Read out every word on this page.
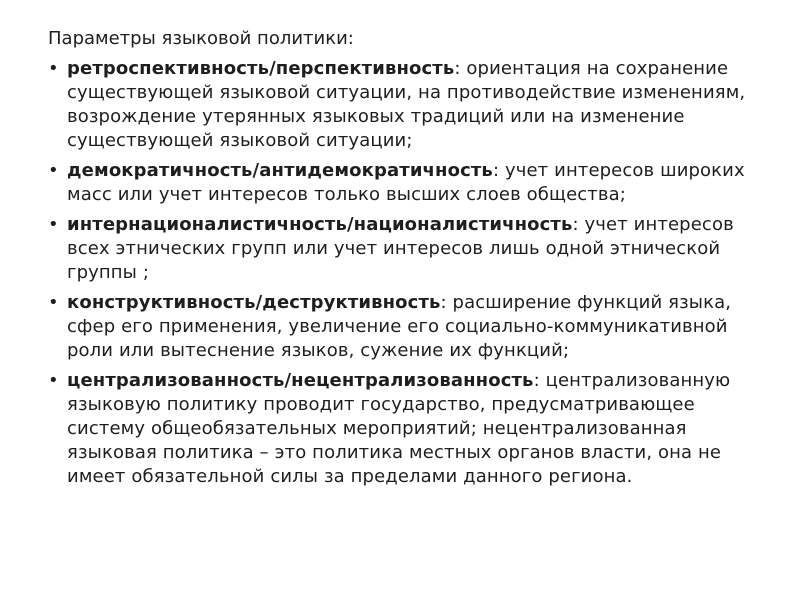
Параметры языковой политики:
• ретроспективность/перспективность: ориентация на сохранение существующей языковой ситуации, на противодействие изменениям, возрождение утерянных языковых традиций или на изменение существующей языковой ситуации;
• демократичность/антидемократичность: учет интересов широких масс или учет интересов только высших слоев общества;
• интернационалистичность/националистичность: учет интересов всех этнических групп или учет интересов лишь одной этнической группы ;
• конструктивность/деструктивность: расширение функций языка, сфер его применения, увеличение его социально-коммуникативной роли или вытеснение языков, сужение их функций;
• централизованность/нецентрализованность: централизованную языковую политику проводит государство, предусматривающее систему общеобязательных мероприятий; нецентрализованная языковая политика – это политика местных органов власти, она не имеет обязательной силы за пределами данного региона.
